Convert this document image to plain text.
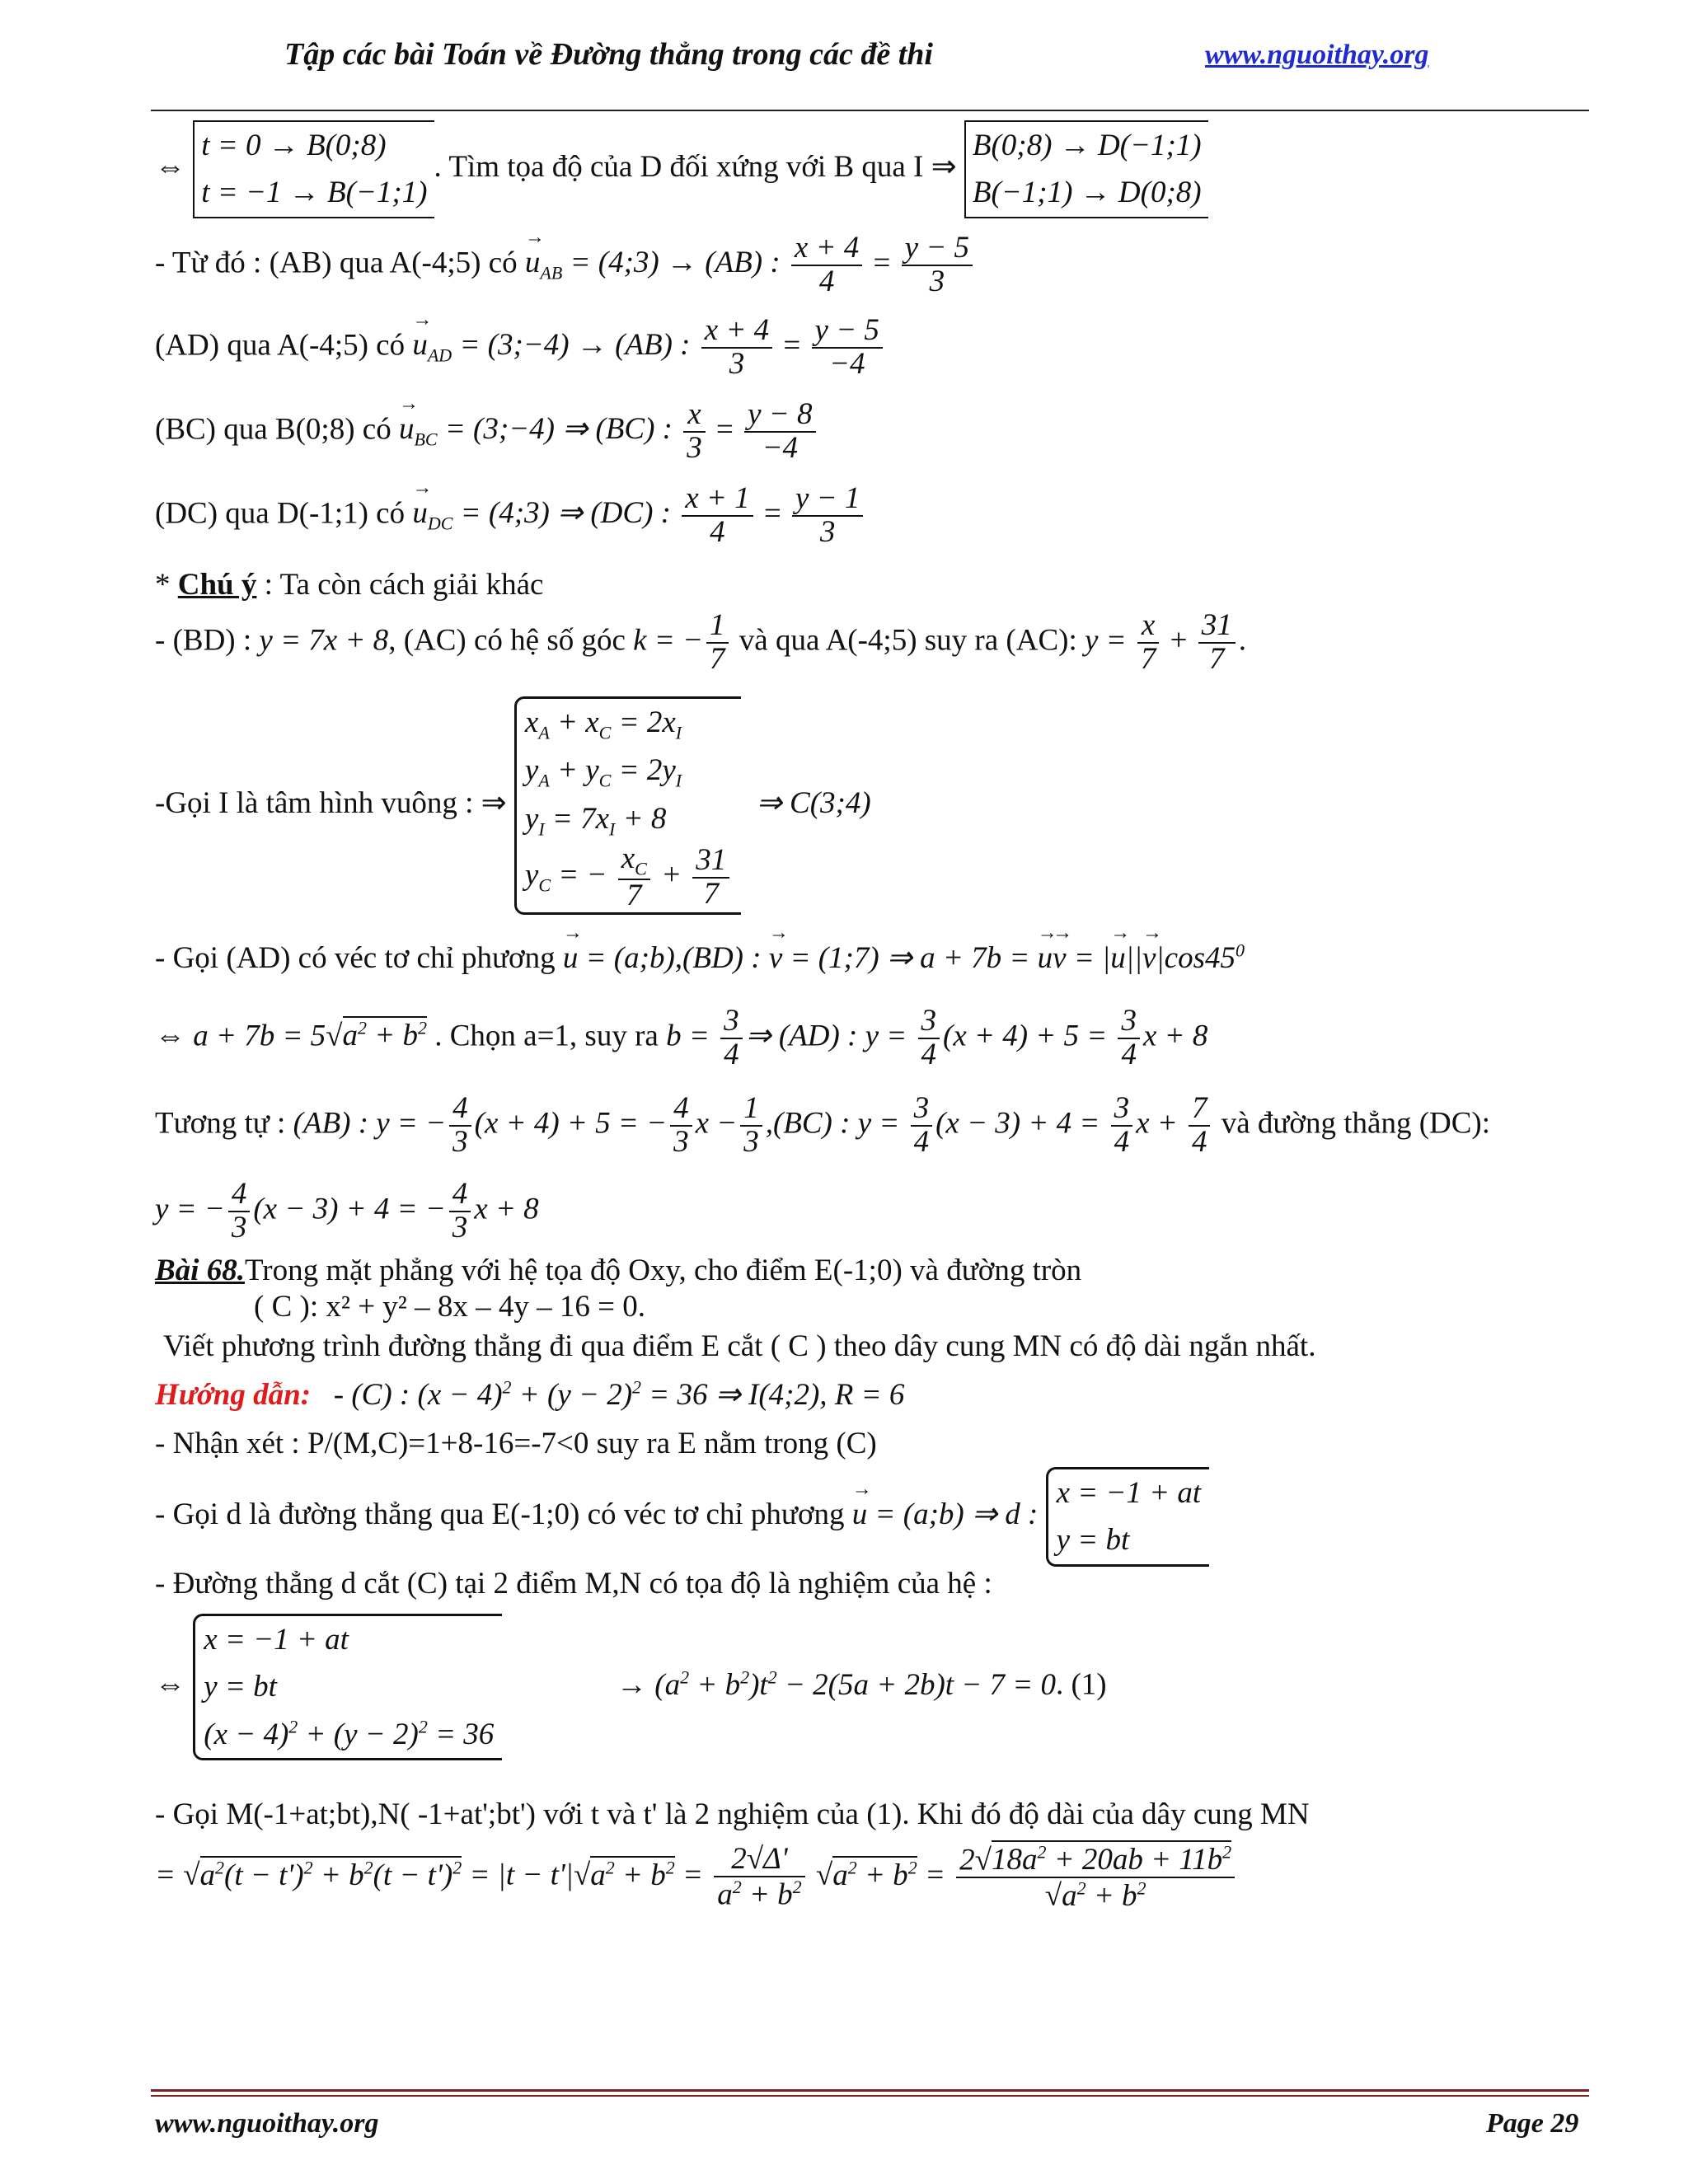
Tập các bài Toán về Đường thẳng trong các đề thi	www.nguoithay.org
⇔
t = 0 → B(0;8)
t = −1 → B(−1;1)
. Tìm tọa độ của D đối xứng với B qua I ⇒
B(0;8) → D(−1;1)
B(−1;1) → D(0;8)
- Từ đó : (AB) qua A(-4;5) có → $u_{AB}$ = (4;3) → (AB) : $\frac{x + 4}{4} = \frac{y - 5}{3}$
(AD) qua A(-4;5) có → $u_{AD}$ = (3;−4) → (AB) : $\frac{x + 4}{3} = \frac{y - 5}{-4}$
(BC) qua B(0;8) có → $u_{BC}$ = (3;−4) ⇒ (BC) : $\frac{x}{3} = \frac{y - 8}{-4}$
(DC) qua D(-1;1) có → $u_{DC}$ = (4;3) ⇒ (DC) : $\frac{x + 1}{4} = \frac{y - 1}{3}$
* Chú ý : Ta còn cách giải khác
- (BD) : y = 7x + 8, (AC) có hệ số góc k = − $\frac{1}{7}$ và qua A(-4;5) suy ra (AC): $y = \frac{x}{7} + \frac{31}{7}$ .
-Gọi I là tâm hình vuông : ⇒
$x_A + x_C = 2x_I$
$y_A + y_C = 2y_I$
$y_I = 7x_I + 8$
$y_C$ = − $\frac{x_C}{7} + \frac{31}{7}$
⇒ C(3;4)
- Gọi (AD) có véc tơ chỉ phương → u = (a;b),(BD) : → v = (1;7) ⇒ a + 7b = → u→ v = |→ $u||\to v|\cos 45^0$
⇔ $a + 7b = 5√a^2 + b^2$ . Chọn a=1, suy ra $b = \frac{3}{4}$ ⇒ (AD) : $y = \frac{3}{4} (x + 4) + 5 = \frac{3}{4}$ x + 8
Tương tự : (AB) : y = − $\frac{4}{3} (x + 4) + 5$ = − $\frac{4}{3}$ $x - \frac{1}{3} ,(BC)$ : $y = \frac{3}{4} (x - 3) + 4 = \frac{3}{4}$ $x + \frac{7}{4}$ và đường thẳng (DC):
y = − $\frac{4}{3} (x - 3) + 4$ = − $\frac{4}{3}$ x + 8
Bài 68.Trong mặt phẳng với hệ tọa độ Oxy, cho điểm E(-1;0) và đường tròn
( C ): x² + y² – 8x – 4y – 16 = 0.
Viết phương trình đường thẳng đi qua điểm E cắt ( C ) theo dây cung MN có độ dài ngắn nhất.
Hướng dẫn:   - (C) : $(x - 4)^2 + (y - 2)^2 = 36$ ⇒ I(4;2), R = 6
- Nhận xét : P/(M,C)=1+8-16=-7<0 suy ra E nằm trong (C)
- Gọi d là đường thẳng qua E(-1;0) có véc tơ chỉ phương → u = (a;b) ⇒ d :
x = −1 + at
y = bt
- Đường thẳng d cắt (C) tại 2 điểm M,N có tọa độ là nghiệm của hệ :
⇔
x = −1 + at
y = bt
$(x - 4)^2 + (y - 2)^2 = 36$
→ $(a^2 + b^2)t^2 - 2(5a + 2b)t - 7 = 0$. (1)
- Gọi M(-1+at;bt),N( -1+at';bt') với t và t' là 2 nghiệm của (1). Khi đó độ dài của dây cung MN
= $√a^2(t - t')^2 + b^2(t - t')^2 = |t - t'|√a^2 + b^2 = \frac{2√\Delta'}{a^2 + b^2} √a^2 + b^2 = \frac{2√18a^2 + 20ab + 11b^2}{√a^2 + b^2}$
www.nguoithay.org	Page 29
